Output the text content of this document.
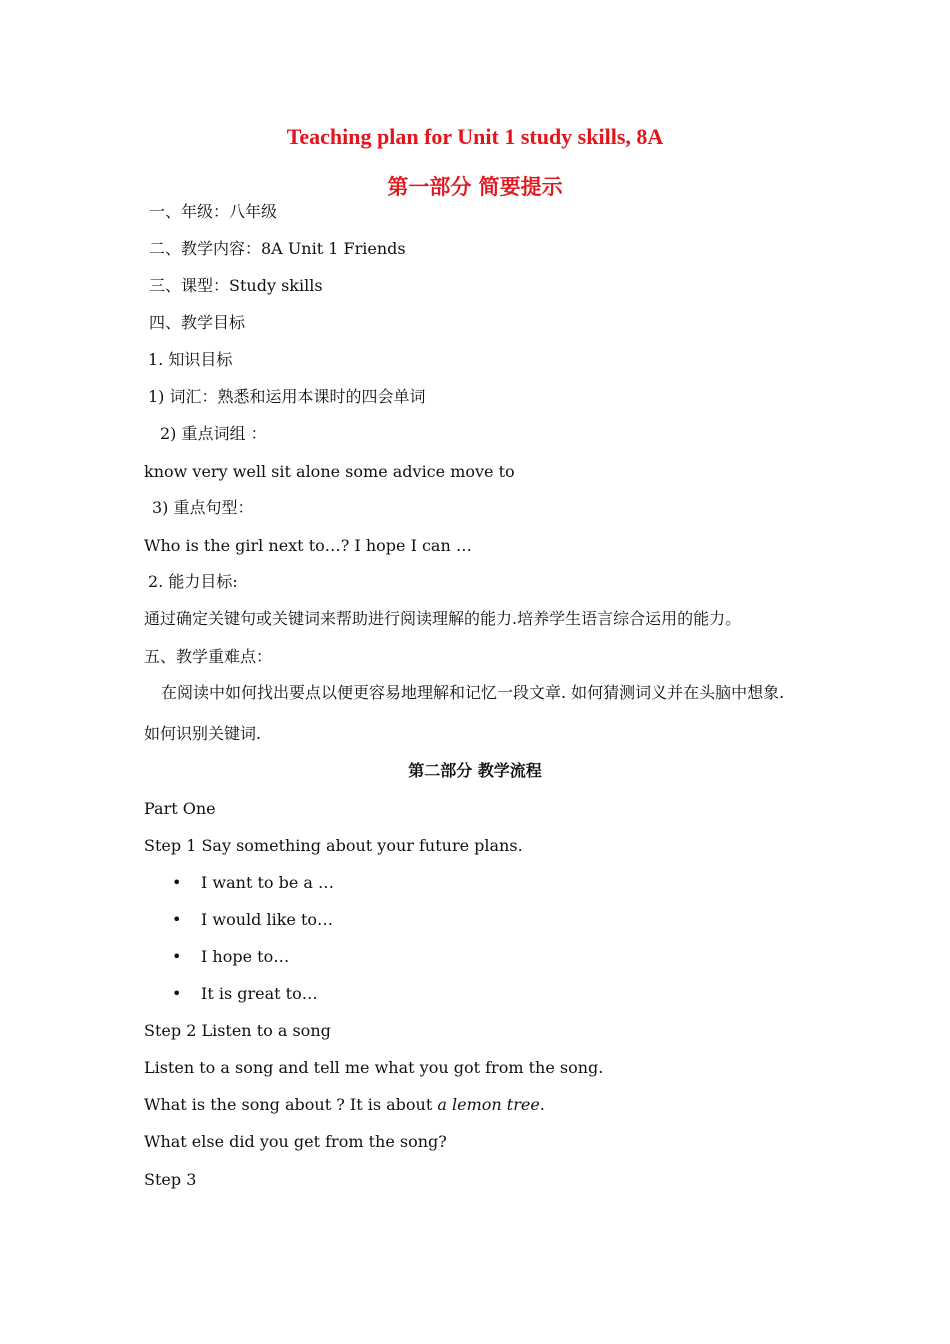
Teaching plan for Unit 1 study skills, 8A
第一部分 简要提示
一、年级：八年级
二、教学内容：8A Unit 1 Friends
三、课型：Study skills
四、教学目标
1. 知识目标
1) 词汇：熟悉和运用本课时的四会单词
2) 重点词组 ：
know very well sit alone some advice move to
3) 重点句型：
Who is the girl next to…? I hope I can …
2. 能力目标:
通过确定关键句或关键词来帮助进行阅读理解的能力.培养学生语言综合运用的能力。
五、教学重难点：
在阅读中如何找出要点以便更容易地理解和记忆一段文章. 如何猜测词义并在头脑中想象.
如何识别关键词.
第二部分 教学流程
Part One
Step 1 Say something about your future plans.
• I want to be a …
• I would like to…
• I hope to…
• It is great to…
Step 2 Listen to a song
Listen to a song and tell me what you got from the song.
What is the song about ? It is about a lemon tree.
What else did you get from the song?
Step 3
